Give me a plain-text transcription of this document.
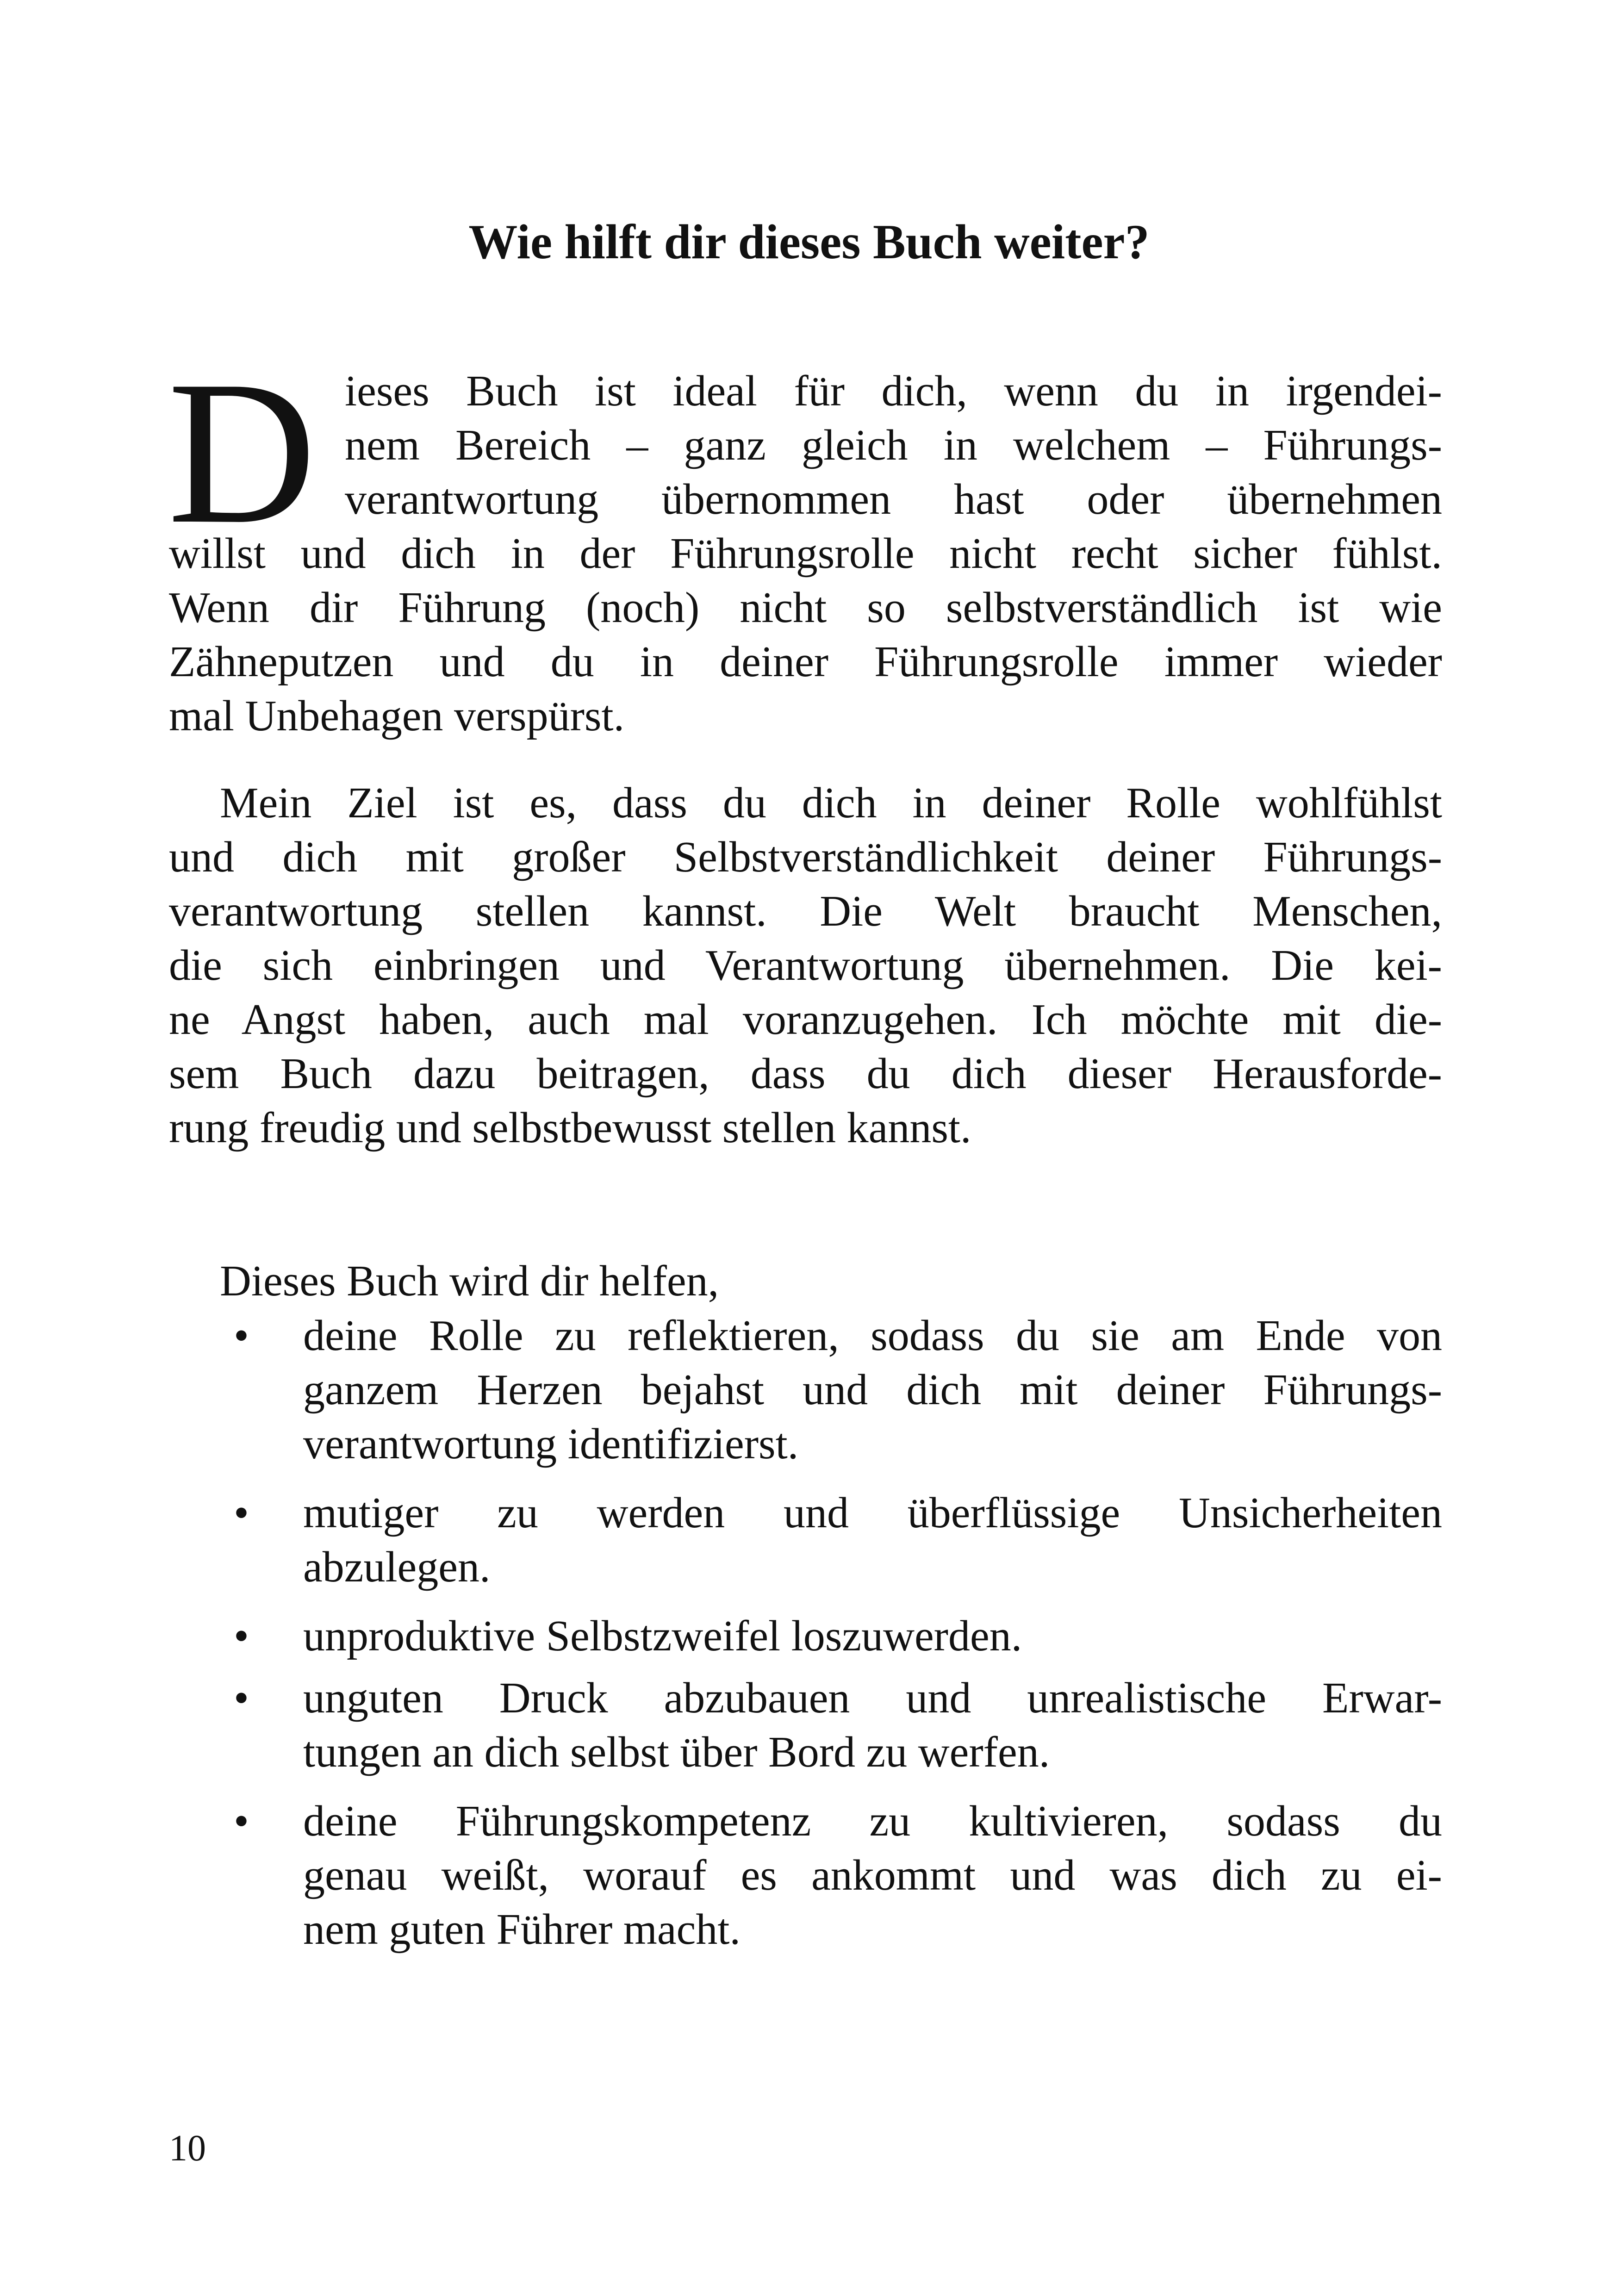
Wie hilft dir dieses Buch weiter?
D ieses Buch ist ideal für dich, wenn du in irgendei-
nem Bereich – ganz gleich in welchem – Führungs-
verantwortung übernommen hast oder übernehmen
willst und dich in der Führungsrolle nicht recht sicher fühlst.
Wenn dir Führung (noch) nicht so selbstverständlich ist wie
Zähneputzen und du in deiner Führungsrolle immer wieder
mal Unbehagen verspürst.
Mein Ziel ist es, dass du dich in deiner Rolle wohlfühlst
und dich mit großer Selbstverständlichkeit deiner Führungs-
verantwortung stellen kannst. Die Welt braucht Menschen,
die sich einbringen und Verantwortung übernehmen. Die kei-
ne Angst haben, auch mal voranzugehen. Ich möchte mit die-
sem Buch dazu beitragen, dass du dich dieser Herausforde-
rung freudig und selbstbewusst stellen kannst.
Dieses Buch wird dir helfen,
• deine Rolle zu reflektieren, sodass du sie am Ende von
ganzem Herzen bejahst und dich mit deiner Führungs-
verantwortung identifizierst.
• mutiger zu werden und überflüssige Unsicherheiten
abzulegen.
• unproduktive Selbstzweifel loszuwerden.
• unguten Druck abzubauen und unrealistische Erwar-
tungen an dich selbst über Bord zu werfen.
• deine Führungskompetenz zu kultivieren, sodass du
genau weißt, worauf es ankommt und was dich zu ei-
nem guten Führer macht.
10
